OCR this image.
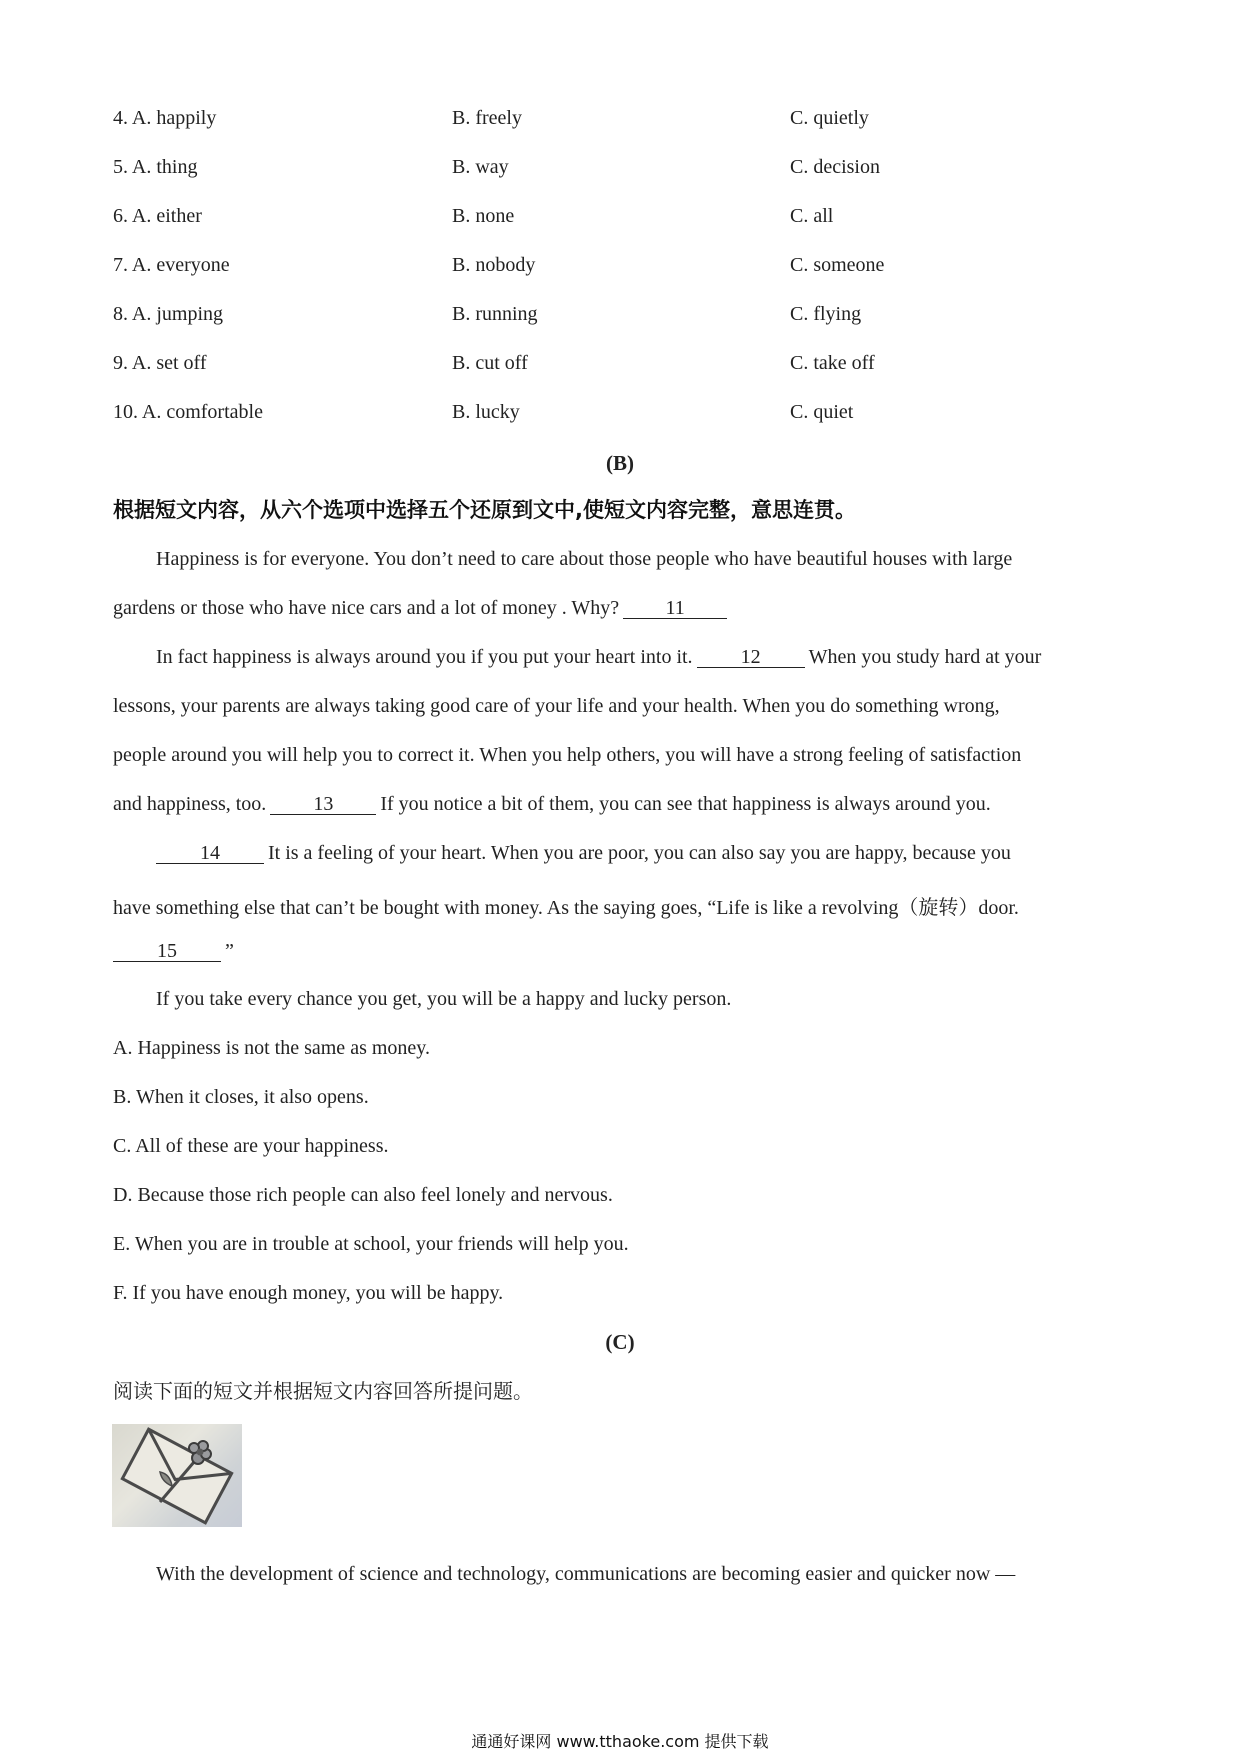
4. A. happily	B. freely	C. quietly
5. A. thing	B. way	C. decision
6. A. either	B. none	C. all
7. A. everyone	B. nobody	C. someone
8. A. jumping	B. running	C. flying
9. A. set off	B. cut off	C. take off
10. A. comfortable	B. lucky	C. quiet
(B)
根据短文内容，从六个选项中选择五个还原到文中,使短文内容完整，意思连贯。
Happiness is for everyone. You don’t need to care about those people who have beautiful houses with large
gardens or those who have nice cars and a lot of money . Why? 11
In fact happiness is always around you if you put your heart into it. 12 When you study hard at your
lessons, your parents are always taking good care of your life and your health. When you do something wrong,
people around you will help you to correct it. When you help others, you will have a strong feeling of satisfaction
and happiness, too. 13 If you notice a bit of them, you can see that happiness is always around you.
14 It is a feeling of your heart. When you are poor, you can also say you are happy, because you
have something else that can’t be bought with money. As the saying goes, “Life is like a revolving（旋转）door.
15 ”
If you take every chance you get, you will be a happy and lucky person.
A. Happiness is not the same as money.
B. When it closes, it also opens.
C. All of these are your happiness.
D. Because those rich people can also feel lonely and nervous.
E. When you are in trouble at school, your friends will help you.
F. If you have enough money, you will be happy.
(C)
阅读下面的短文并根据短文内容回答所提问题。
With the development of science and technology, communications are becoming easier and quicker now —
通通好课网 www.tthaoke.com 提供下载
